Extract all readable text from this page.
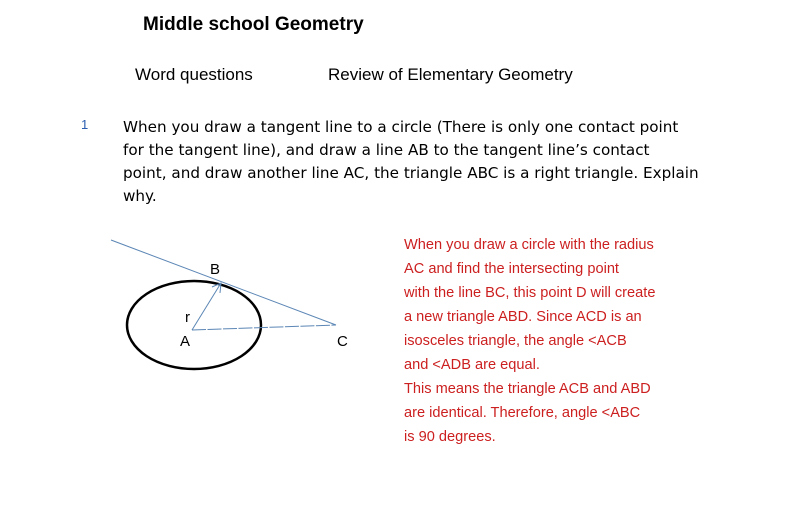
Middle school Geometry
Word questions	Review of Elementary Geometry
1 When you draw a tangent line to a circle (There is only one contact point
for the tangent line), and draw a line AB to the tangent line’s contact
point, and draw another line AC, the triangle ABC is a right triangle. Explain
why.
B
r
A	C
When you draw a circle with the radius
AC and find the intersecting point
with the line BC, this point D will create
a new triangle ABD. Since ACD is an
isosceles triangle, the angle <ACB
and <ADB are equal.
This means the triangle ACB and ABD
are identical. Therefore, angle <ABC
is 90 degrees.
